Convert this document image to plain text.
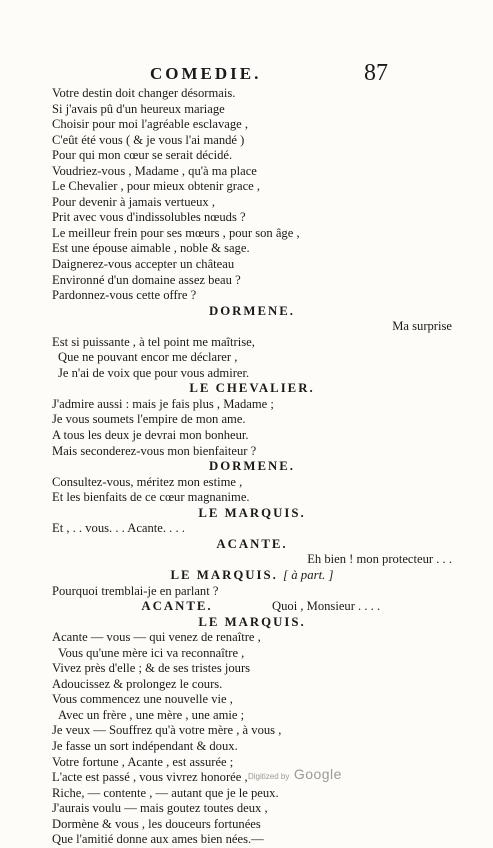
COMEDIE.	87
Votre destin doit changer désormais.
Si j'avais pû d'un heureux mariage
Choisir pour moi l'agréable esclavage ,
C'eût été vous ( & je vous l'ai mandé )
Pour qui mon cœur se serait décidé.
Voudriez-vous , Madame , qu'à ma place
Le Chevalier , pour mieux obtenir grace ,
Pour devenir à jamais vertueux ,
Prit avec vous d'indissolubles nœuds ?
Le meilleur frein pour ses mœurs , pour son âge ,
Est une épouse aimable , noble & sage.
Daignerez-vous accepter un château
Environné d'un domaine assez beau ?
Pardonnez-vous cette offre ?
DORMENE.
Ma surprise
Est si puissante , à tel point me maîtrise,
Que ne pouvant encor me déclarer ,
Je n'ai de voix que pour vous admirer.
LE CHEVALIER.
J'admire aussi : mais je fais plus , Madame ;
Je vous soumets l'empire de mon ame.
A tous les deux je devrai mon bonheur.
Mais seconderez-vous mon bienfaiteur ?
DORMENE.
Consultez-vous, méritez mon estime ,
Et les bienfaits de ce cœur magnanime.
LE MARQUIS.
Et , . . vous. . . Acante. . . .
ACANTE.
Eh bien ! mon protecteur . . .
LE MARQUIS. [ à part. ]
Pourquoi tremblai-je en parlant ?
ACANTE.	Quoi , Monsieur . . . .
LE MARQUIS.
Acante — vous — qui venez de renaître ,
Vous qu'une mère ici va reconnaître ,
Vivez près d'elle ; & de ses tristes jours
Adoucissez & prolongez le cours.
Vous commencez une nouvelle vie ,
Avec un frère , une mère , une amie ;
Je veux — Souffrez qu'à votre mère , à vous ,
Je fasse un sort indépendant & doux.
Votre fortune , Acante , est assurée ;
L'acte est passé , vous vivrez honorée ,
Riche, — contente , — autant que je le peux.
J'aurais voulu — mais goutez toutes deux ,
Dormène & vous , les douceurs fortunées
Que l'amitié donne aux ames bien nées.—
Digitized by Google
